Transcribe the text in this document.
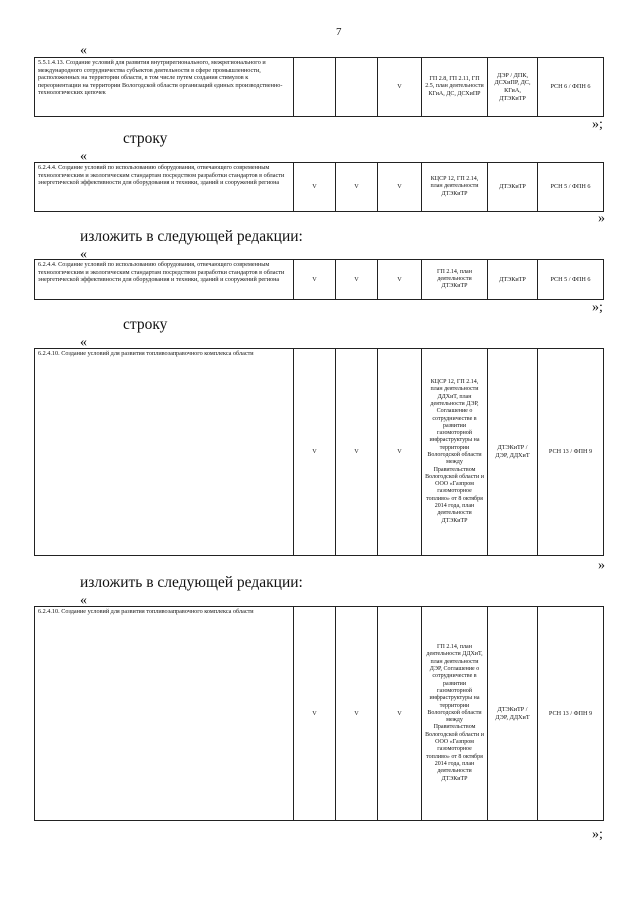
7
«
5.5.1.4.13. Создание условий для развития внутрирегионального, межрегионального и международного сотрудничества субъектов деятельности в сфере промышленности, расположенных на территории области, в том числе путем создания стимулов к переориентации на территории Вологодской области организаций единых производственно-технологических цепочек			V	ГП 2.8, ГП 2.11, ГП 2.5, план деятельности КГиА, ДС, ДСХиПР	ДЭР / ДПК, ДСХиПР, ДС, КГиА, ДТЭКиТР	РСН 6 / ФПН 6
»;
строку
«
6.2.4.4. Создание условий по использованию оборудования, отвечающего современным технологическим и экологическим стандартам посредством разработки стандартов в области энергетической эффективности для оборудования и техники, зданий и сооружений региона	V	V	V	КЦСР 12, ГП 2.14, план деятельности ДТЭКиТР	ДТЭКиТР	РСН 5 / ФПН 6
»
изложить в следующей редакции:
«
6.2.4.4. Создание условий по использованию оборудования, отвечающего современным технологическим и экологическим стандартам посредством разработки стандартов в области энергетической эффективности для оборудования и техники, зданий и сооружений региона	V	V	V	ГП 2.14, план деятельности ДТЭКиТР	ДТЭКиТР	РСН 5 / ФПН 6
»;
строку
«
6.2.4.10. Создание условий для развития топливозаправочного комплекса области	V	V	V	КЦСР 12, ГП 2.14, план деятельности ДДХиТ, план деятельности ДЭР, Соглашение о сотрудничестве в развитии газомоторной инфраструктуры на территории Вологодской области между Правительством Вологодской области и ООО «Газпром газомоторное топливо» от 8 октября 2014 года, план деятельности ДТЭКиТР	ДТЭКиТР / ДЭР, ДДХиТ	РСН 13 / ФПН 9
»
изложить в следующей редакции:
«
6.2.4.10. Создание условий для развития топливозаправочного комплекса области	V	V	V	ГП 2.14, план деятельности ДДХиТ, план деятельности ДЭР, Соглашение о сотрудничестве в развитии газомоторной инфраструктуры на территории Вологодской области между Правительством Вологодской области и ООО «Газпром газомоторное топливо» от 8 октября 2014 года, план деятельности ДТЭКиТР	ДТЭКиТР / ДЭР, ДДХиТ	РСН 13 / ФПН 9
»;
